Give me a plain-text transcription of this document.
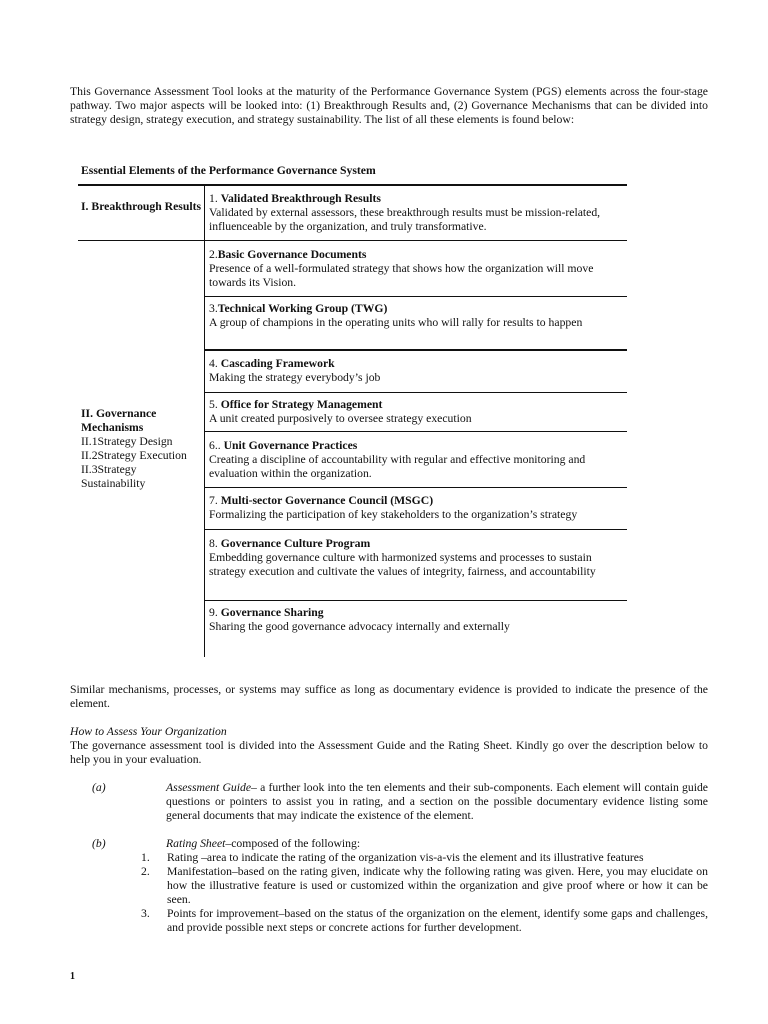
This Governance Assessment Tool looks at the maturity of the Performance Governance System (PGS) elements across the four-stage pathway. Two major aspects will be looked into: (1) Breakthrough Results and, (2) Governance Mechanisms that can be divided into strategy design, strategy execution, and strategy sustainability. The list of all these elements is found below:

Essential Elements of the Performance Governance System

I. Breakthrough Results
II. Governance Mechanisms
II.1Strategy Design
II.2Strategy Execution
II.3Strategy Sustainability
1. Validated Breakthrough Results
Validated by external assessors, these breakthrough results must be mission-related, influenceable by the organization, and truly transformative.
2.Basic Governance Documents
Presence of a well-formulated strategy that shows how the organization will move towards its Vision.
3.Technical Working Group (TWG)
A group of champions in the operating units who will rally for results to happen
4. Cascading Framework
Making the strategy everybody’s job
5. Office for Strategy Management
A unit created purposively to oversee strategy execution
6.. Unit Governance Practices
Creating a discipline of accountability with regular and effective monitoring and evaluation within the organization.
7. Multi-sector Governance Council (MSGC)
Formalizing the participation of key stakeholders to the organization’s strategy
8. Governance Culture Program
Embedding governance culture with harmonized systems and processes to sustain strategy execution and cultivate the values of integrity, fairness, and accountability
9. Governance Sharing
Sharing the good governance advocacy internally and externally

Similar mechanisms, processes, or systems may suffice as long as documentary evidence is provided to indicate the presence of the element.

How to Assess Your Organization

The governance assessment tool is divided into the Assessment Guide and the Rating Sheet. Kindly go over the description below to help you in your evaluation.

(a)	Assessment Guide– a further look into the ten elements and their sub-components. Each element will contain guide questions or pointers to assist you in rating, and a section on the possible documentary evidence listing some general documents that may indicate the existence of the element.

(b)	Rating Sheet–composed of the following:

1. Rating –area to indicate the rating of the organization vis-a-vis the element and its illustrative features

2. Manifestation–based on the rating given, indicate why the following rating was given. Here, you may elucidate on how the illustrative feature is used or customized within the organization and give proof where or how it can be seen.

3. Points for improvement–based on the status of the organization on the element, identify some gaps and challenges, and provide possible next steps or concrete actions for further development.

1
